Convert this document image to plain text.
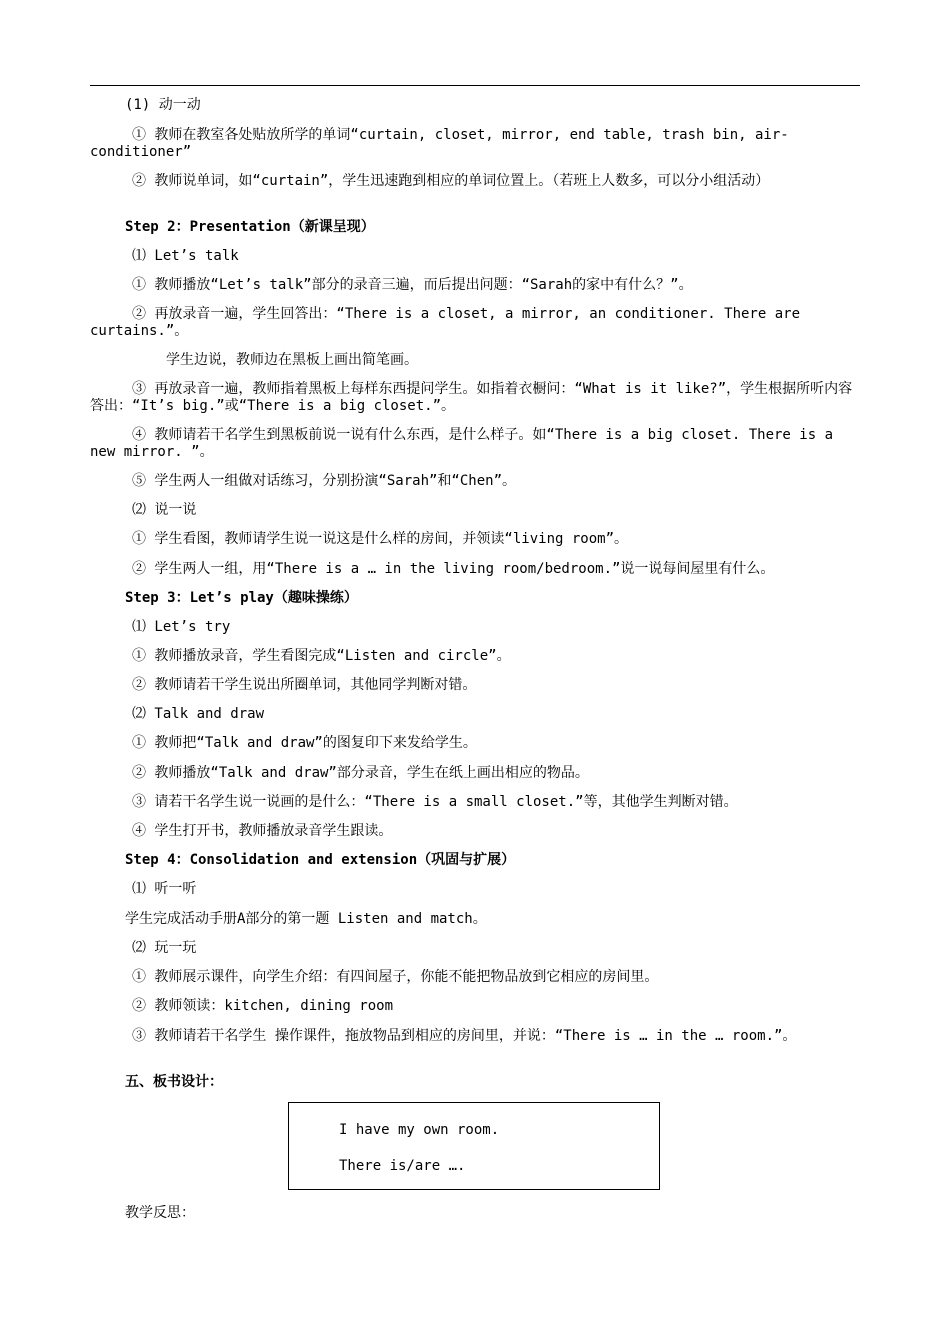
(1) 动一动
① 教师在教室各处贴放所学的单词“curtain, closet, mirror, end table, trash bin, air-conditioner”
② 教师说单词，如“curtain”，学生迅速跑到相应的单词位置上。（若班上人数多，可以分小组活动）
Step 2：Presentation（新课呈现）
⑴ Let’s talk
① 教师播放“Let’s talk”部分的录音三遍，而后提出问题：“Sarah的家中有什么？”。
② 再放录音一遍，学生回答出：“There is a closet, a mirror, an conditioner. There are curtains.”。
学生边说，教师边在黑板上画出简笔画。
③ 再放录音一遍，教师指着黑板上每样东西提问学生。如指着衣橱问：“What is it like?”，学生根据所听内容答出：“It’s big.”或“There is a big closet.”。
④ 教师请若干名学生到黑板前说一说有什么东西，是什么样子。如“There is a big closet. There is a new mirror. ”。
⑤ 学生两人一组做对话练习，分别扮演“Sarah”和“Chen”。
⑵ 说一说
① 学生看图，教师请学生说一说这是什么样的房间，并领读“living room”。
② 学生两人一组，用“There is a … in the living room/bedroom.”说一说每间屋里有什么。
Step 3：Let’s play（趣味操练）
⑴ Let’s try
① 教师播放录音，学生看图完成“Listen and circle”。
② 教师请若干学生说出所圈单词，其他同学判断对错。
⑵ Talk and draw
① 教师把“Talk and draw”的图复印下来发给学生。
② 教师播放“Talk and draw”部分录音，学生在纸上画出相应的物品。
③ 请若干名学生说一说画的是什么：“There is a small closet.”等，其他学生判断对错。
④ 学生打开书，教师播放录音学生跟读。
Step 4：Consolidation and extension（巩固与扩展）
⑴ 听一听
学生完成活动手册A部分的第一题 Listen and match。
⑵ 玩一玩
① 教师展示课件，向学生介绍：有四间屋子，你能不能把物品放到它相应的房间里。
② 教师领读：kitchen, dining room
③ 教师请若干名学生 操作课件，拖放物品到相应的房间里，并说：“There is … in the … room.”。
五、板书设计：
I have my own room.
There is/are ….
教学反思：
